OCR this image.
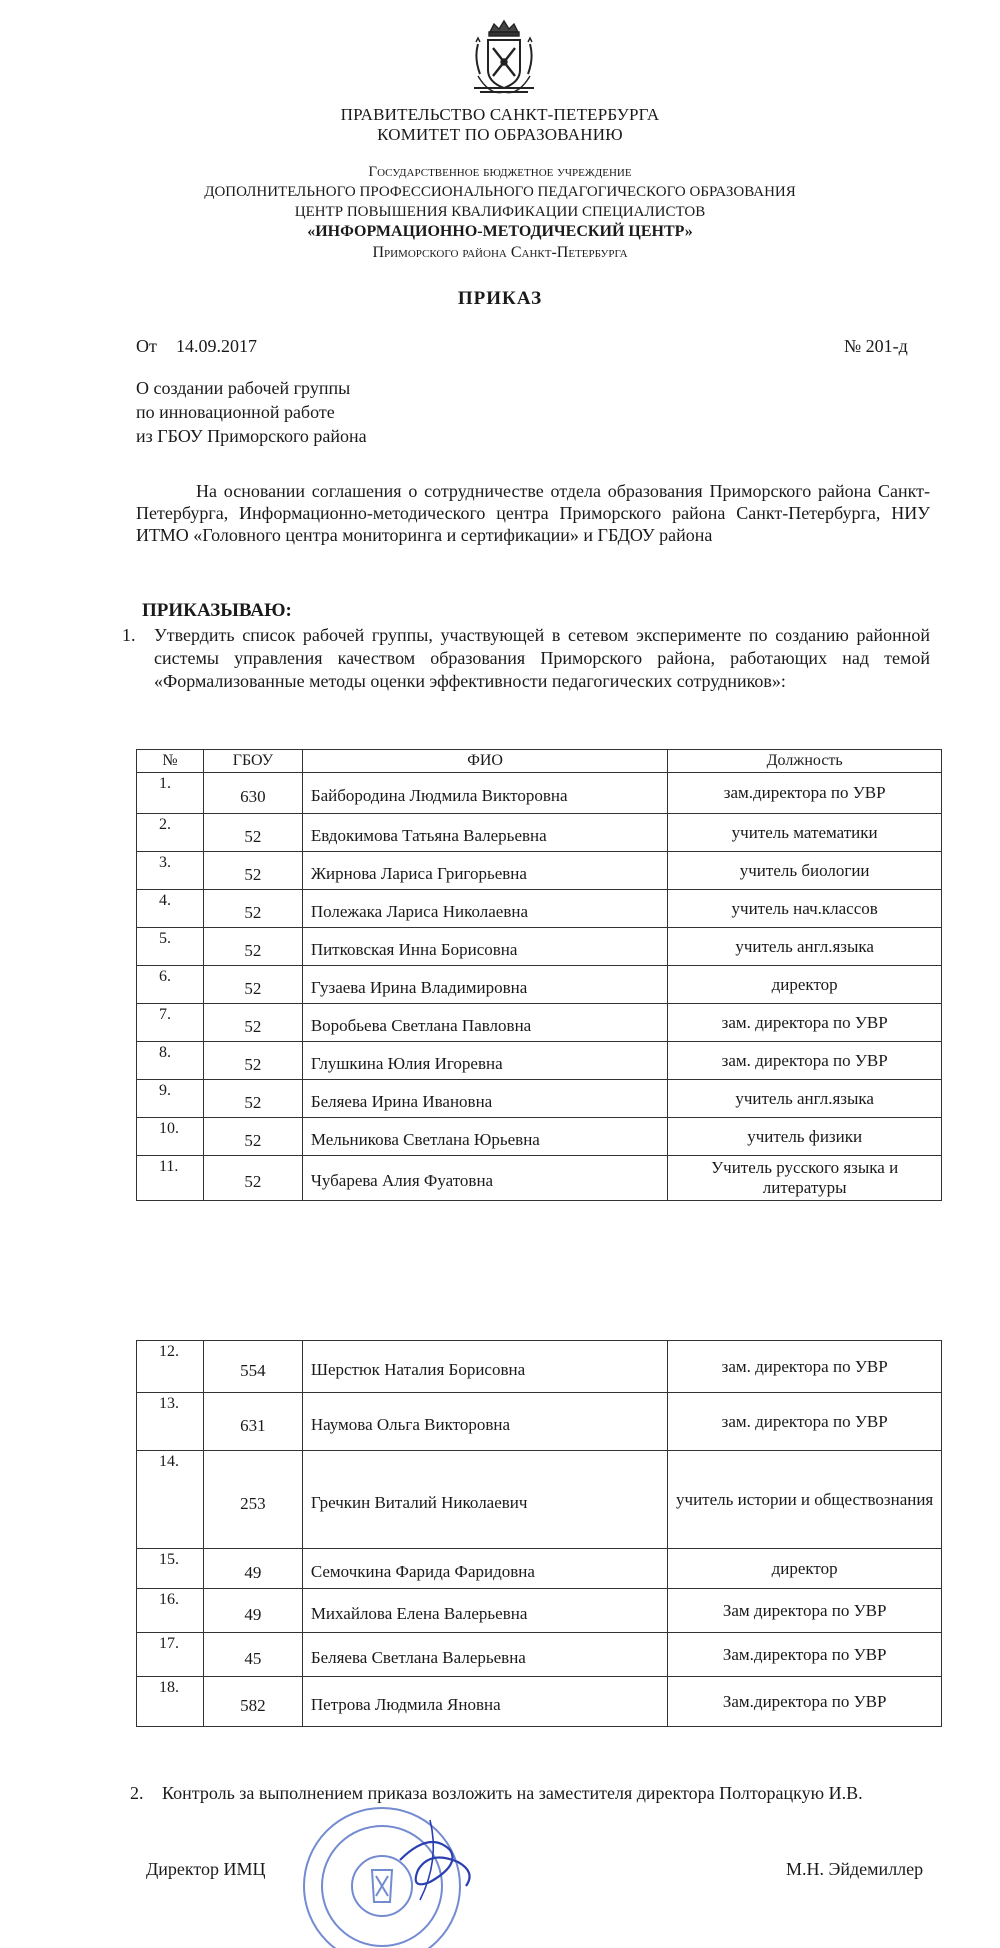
ПРАВИТЕЛЬСТВО САНКТ-ПЕТЕРБУРГА
КОМИТЕТ ПО ОБРАЗОВАНИЮ
Государственное бюджетное учреждение
ДОПОЛНИТЕЛЬНОГО ПРОФЕССИОНАЛЬНОГО ПЕДАГОГИЧЕСКОГО ОБРАЗОВАНИЯ
ЦЕНТР ПОВЫШЕНИЯ КВАЛИФИКАЦИИ СПЕЦИАЛИСТОВ
«ИНФОРМАЦИОННО-МЕТОДИЧЕСКИЙ ЦЕНТР»
Приморского района Санкт-Петербурга
ПРИКАЗ
От 14.09.2017	№ 201-д
О создании рабочей группы
по инновационной работе
из ГБОУ Приморского района
На основании соглашения о сотрудничестве отдела образования Приморского района Санкт-Петербурга, Информационно-методического центра Приморского района Санкт-Петербурга, НИУ ИТМО «Головного центра мониторинга и сертификации» и ГБДОУ района
ПРИКАЗЫВАЮ:
1. Утвердить список рабочей группы, участвующей в сетевом эксперименте по созданию районной системы управления качеством образования Приморского района, работающих над темой «Формализованные методы оценки эффективности педагогических сотрудников»:
№	ГБОУ	ФИО	Должность
1.	630	Байбородина Людмила Викторовна	зам.директора по УВР
2.	52	Евдокимова Татьяна Валерьевна	учитель математики
3.	52	Жирнова Лариса Григорьевна	учитель биологии
4.	52	Полежака Лариса Николаевна	учитель нач.классов
5.	52	Питковская Инна Борисовна	учитель англ.языка
6.	52	Гузаева Ирина Владимировна	директор
7.	52	Воробьева Светлана Павловна	зам. директора по УВР
8.	52	Глушкина Юлия Игоревна	зам. директора по УВР
9.	52	Беляева Ирина Ивановна	учитель англ.языка
10.	52	Мельникова Светлана Юрьевна	учитель физики
11.	52	Чубарева Алия Фуатовна	Учитель русского языка и литературы
12.	554	Шерстюк Наталия Борисовна	зам. директора по УВР
13.	631	Наумова Ольга Викторовна	зам. директора по УВР
14.	253	Гречкин Виталий Николаевич	учитель истории и обществознания
15.	49	Семочкина Фарида Фаридовна	директор
16.	49	Михайлова Елена Валерьевна	Зам директора по УВР
17.	45	Беляева Светлана Валерьевна	Зам.директора по УВР
18.	582	Петрова Людмила Яновна	Зам.директора по УВР
2. Контроль за выполнением приказа возложить на заместителя директора Полторацкую И.В.
Директор ИМЦ	М.Н. Эйдемиллер
